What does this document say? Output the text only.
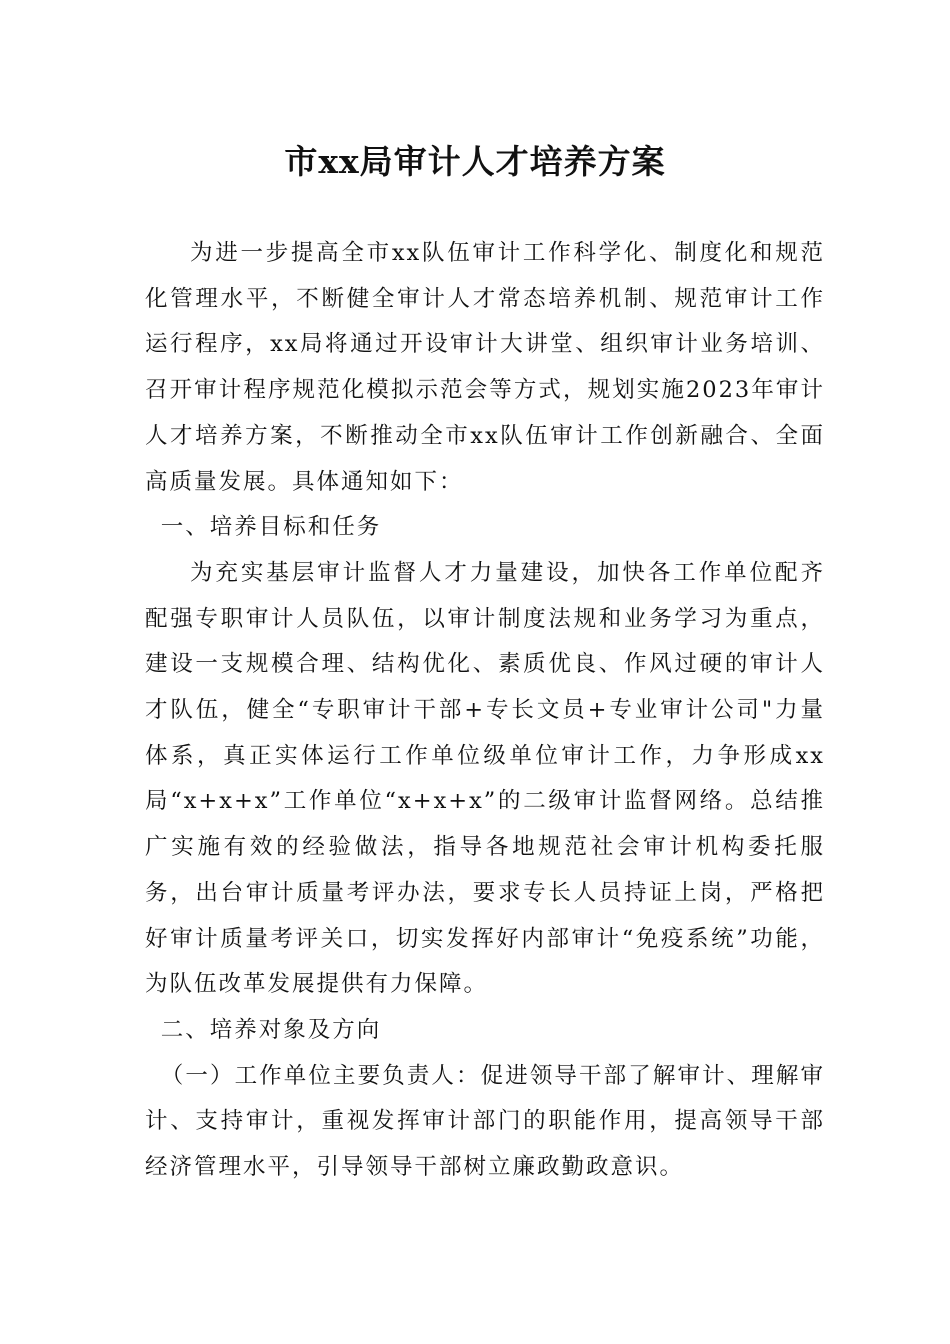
市xx局审计人才培养方案

为进一步提高全市xx队伍审计工作科学化、制度化和规范化管理水平，不断健全审计人才常态培养机制、规范审计工作运行程序，xx局将通过开设审计大讲堂、组织审计业务培训、召开审计程序规范化模拟示范会等方式，规划实施2023年审计人才培养方案，不断推动全市xx队伍审计工作创新融合、全面高质量发展。具体通知如下：

一、培养目标和任务

为充实基层审计监督人才力量建设，加快各工作单位配齐配强专职审计人员队伍，以审计制度法规和业务学习为重点，建设一支规模合理、结构优化、素质优良、作风过硬的审计人才队伍，健全“专职审计干部+专长文员+专业审计公司"力量体系，真正实体运行工作单位级单位审计工作，力争形成xx局“x+x+x”工作单位“x+x+x”的二级审计监督网络。总结推广实施有效的经验做法，指导各地规范社会审计机构委托服务，出台审计质量考评办法，要求专长人员持证上岗，严格把好审计质量考评关口，切实发挥好内部审计“免疫系统”功能，为队伍改革发展提供有力保障。

二、培养对象及方向

（一）工作单位主要负责人：促进领导干部了解审计、理解审计、支持审计，重视发挥审计部门的职能作用，提高领导干部经济管理水平，引导领导干部树立廉政勤政意识。
